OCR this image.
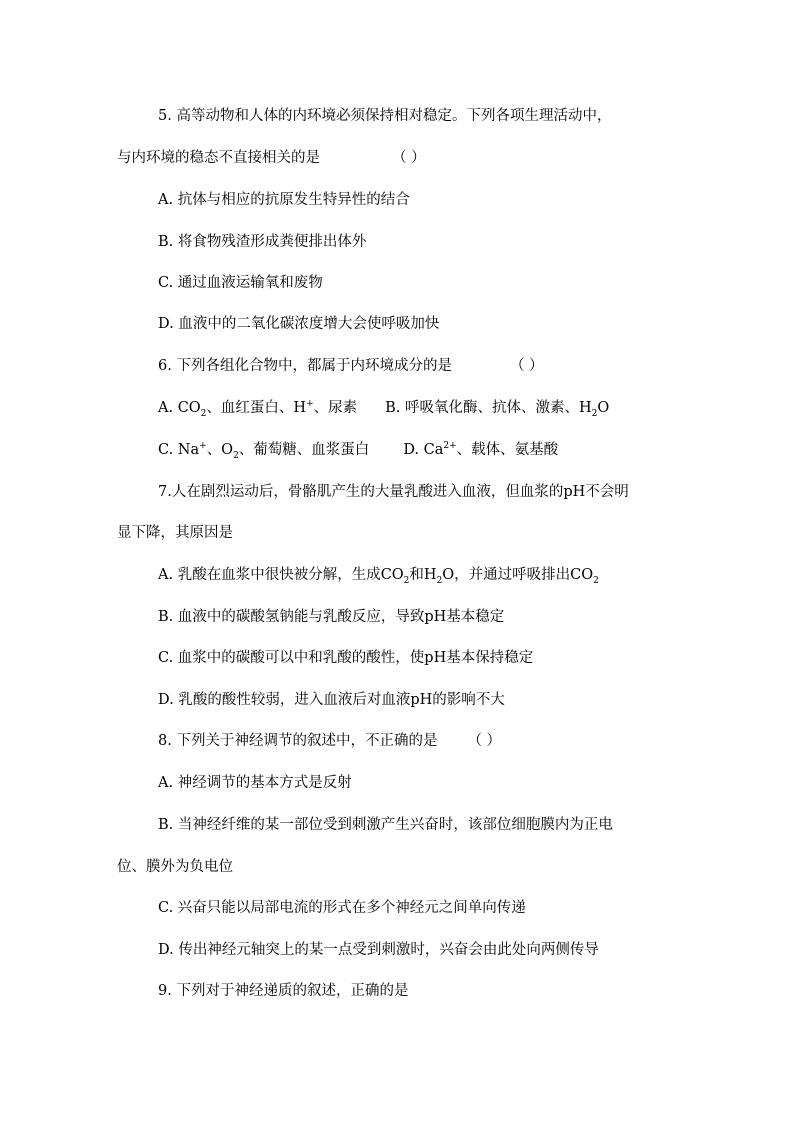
5. 高等动物和人体的内环境必须保持相对稳定。下列各项生理活动中，
与内环境的稳态不直接相关的是	（ ）
A. 抗体与相应的抗原发生特异性的结合
B. 将食物残渣形成粪便排出体外
C. 通过血液运输氧和废物
D. 血液中的二氧化碳浓度增大会使呼吸加快
6. 下列各组化合物中，都属于内环境成分的是	（ ）
A. $CO_2$、血红蛋白、H+、尿素 B. 呼吸氧化酶、抗体、激素、$H_2O$
C. Na+、$O_2$、葡萄糖、血浆蛋白 D. $Ca^{2+}$、载体、氨基酸
7.人在剧烈运动后，骨骼肌产生的大量乳酸进入血液，但血浆的pH不会明
显下降，其原因是
A. 乳酸在血浆中很快被分解，生成$CO_2$和$H_2O$，并通过呼吸排出$CO_2$
B. 血液中的碳酸氢钠能与乳酸反应，导致pH基本稳定
C. 血浆中的碳酸可以中和乳酸的酸性，使pH基本保持稳定
D. 乳酸的酸性较弱，进入血液后对血液pH的影响不大
8. 下列关于神经调节的叙述中，不正确的是 （ ）
A. 神经调节的基本方式是反射
B. 当神经纤维的某一部位受到刺激产生兴奋时，该部位细胞膜内为正电
位、膜外为负电位
C. 兴奋只能以局部电流的形式在多个神经元之间单向传递
D. 传出神经元轴突上的某一点受到刺激时，兴奋会由此处向两侧传导
9. 下列对于神经递质的叙述，正确的是
